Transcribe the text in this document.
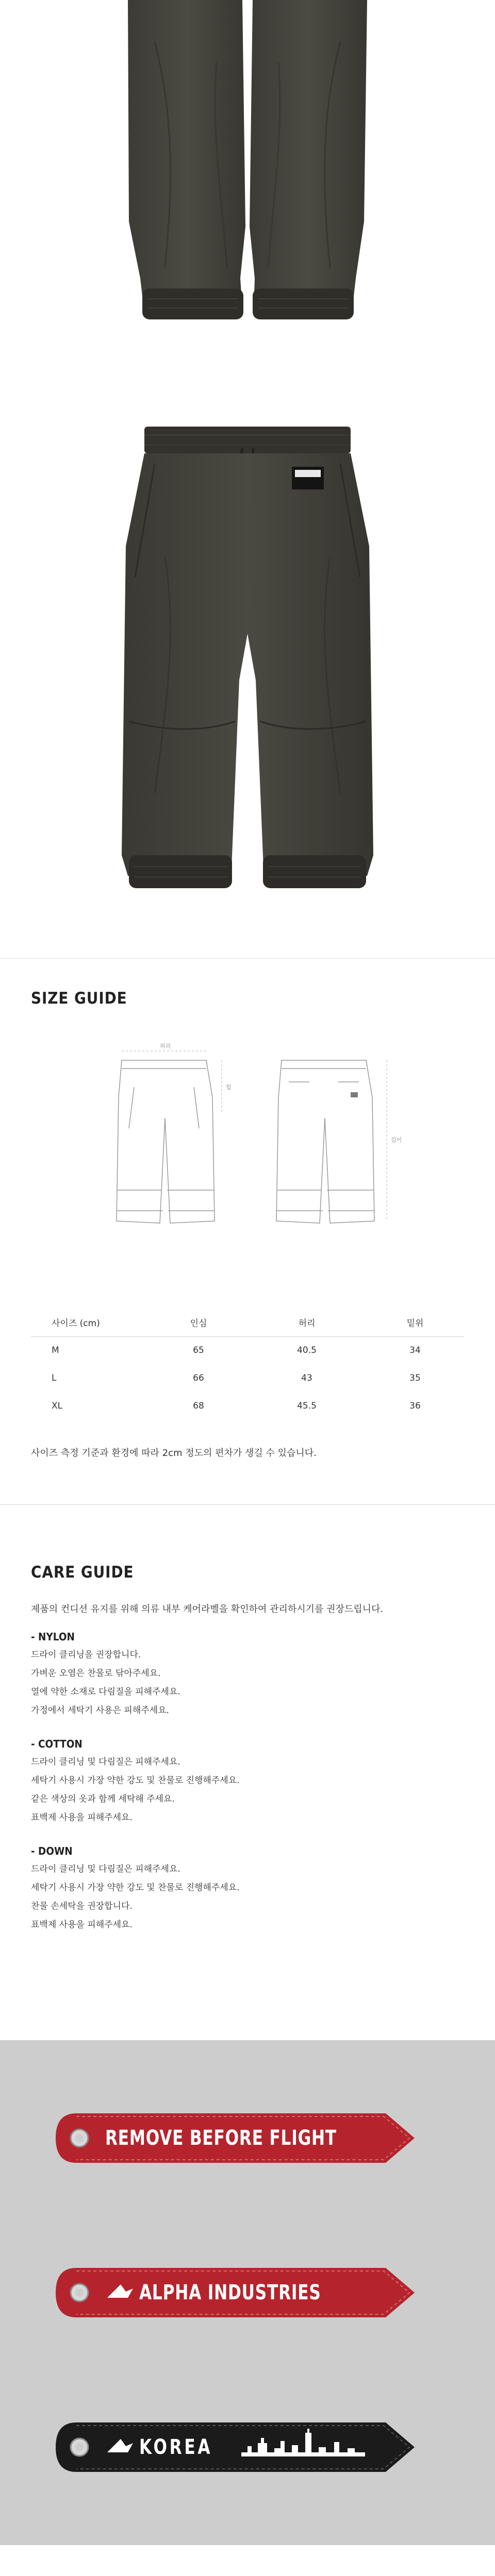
SIZE GUIDE
허리
힙
길이
사이즈 (cm)	인심	허리	밑위
M	65	40.5	34
L	66	43	35
XL	68	45.5	36
사이즈 측정 기준과 환경에 따라 2cm 정도의 편차가 생길 수 있습니다.
CARE GUIDE
제품의 컨디션 유지를 위해 의류 내부 케어라벨을 확인하여 관리하시기를 권장드립니다.
- NYLON
드라이 클리닝을 권장합니다.
가벼운 오염은 찬물로 닦아주세요.
열에 약한 소재로 다림질을 피해주세요.
가정에서 세탁기 사용은 피해주세요.
- COTTON
드라이 클리닝 및 다림질은 피해주세요.
세탁기 사용시 가장 약한 강도 및 찬물로 진행해주세요.
같은 색상의 옷과 함께 세탁해 주세요.
표백제 사용을 피해주세요.
- DOWN
드라이 클리닝 및 다림질은 피해주세요.
세탁기 사용시 가장 약한 강도 및 찬물로 진행해주세요.
찬물 손세탁을 권장합니다.
표백제 사용을 피해주세요.
REMOVE BEFORE FLIGHT
ALPHA INDUSTRIES
KOREA
